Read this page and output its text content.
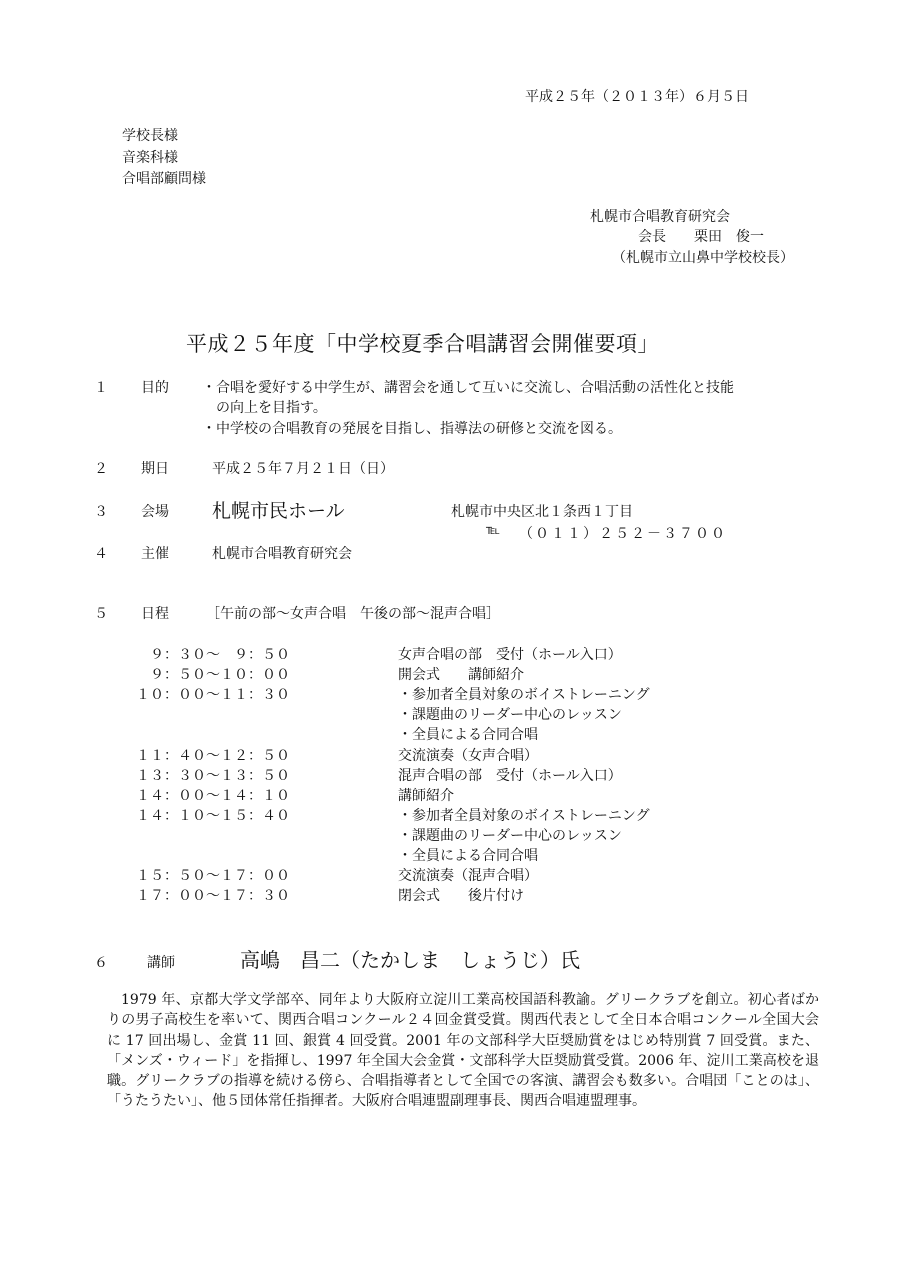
平成２５年（２０１３年）６月５日
学校長様
音楽科様
合唱部顧問様
札幌市合唱教育研究会
会長　　栗田　俊一
（札幌市立山鼻中学校校長）
平成２５年度「中学校夏季合唱講習会開催要項」
１ 目的 ・合唱を愛好する中学生が、講習会を通して互いに交流し、合唱活動の活性化と技能
の向上を目指す。
・中学校の合唱教育の発展を目指し、指導法の研修と交流を図る。
２ 期日	平成２５年７月２１日（日）
３ 会場 札幌市民ホール	札幌市中央区北１条西１丁目
℡ （０１１）２５２－３７００
４ 主催	札幌市合唱教育研究会
５ 日程	［午前の部～女声合唱　午後の部～混声合唱］
　９：３０～　９：５０	女声合唱の部　受付（ホール入口）
　９：５０～１０：００	開会式　　講師紹介
１０：００～１１：３０	・参加者全員対象のボイストレーニング
・課題曲のリーダー中心のレッスン
・全員による合同合唱
１１：４０～１２：５０	交流演奏（女声合唱）
１３：３０～１３：５０	混声合唱の部　受付（ホール入口）
１４：００～１４：１０	講師紹介
１４：１０～１５：４０	・参加者全員対象のボイストレーニング
・課題曲のリーダー中心のレッスン
・全員による合同合唱
１５：５０～１７：００	交流演奏（混声合唱）
１７：００～１７：３０	閉会式　　後片付け
６	講師	高嶋　昌二（たかしま　しょうじ）氏
1979 年、京都大学文学部卒、同年より大阪府立淀川工業高校国語科教諭。グリークラブを創立。初心者ばかりの男子高校生を率いて、関西合唱コンクール２４回金賞受賞。関西代表として全日本合唱コンクール全国大会に 17 回出場し、金賞 11 回、銀賞 4 回受賞。2001 年の文部科学大臣奨励賞をはじめ特別賞 7 回受賞。また、「メンズ・ウィード」を指揮し、1997 年全国大会金賞・文部科学大臣奨励賞受賞。2006 年、淀川工業高校を退職。グリークラブの指導を続ける傍ら、合唱指導者として全国での客演、講習会も数多い。合唱団「ことのは」、「うたうたい」、他５団体常任指揮者。大阪府合唱連盟副理事長、関西合唱連盟理事。
